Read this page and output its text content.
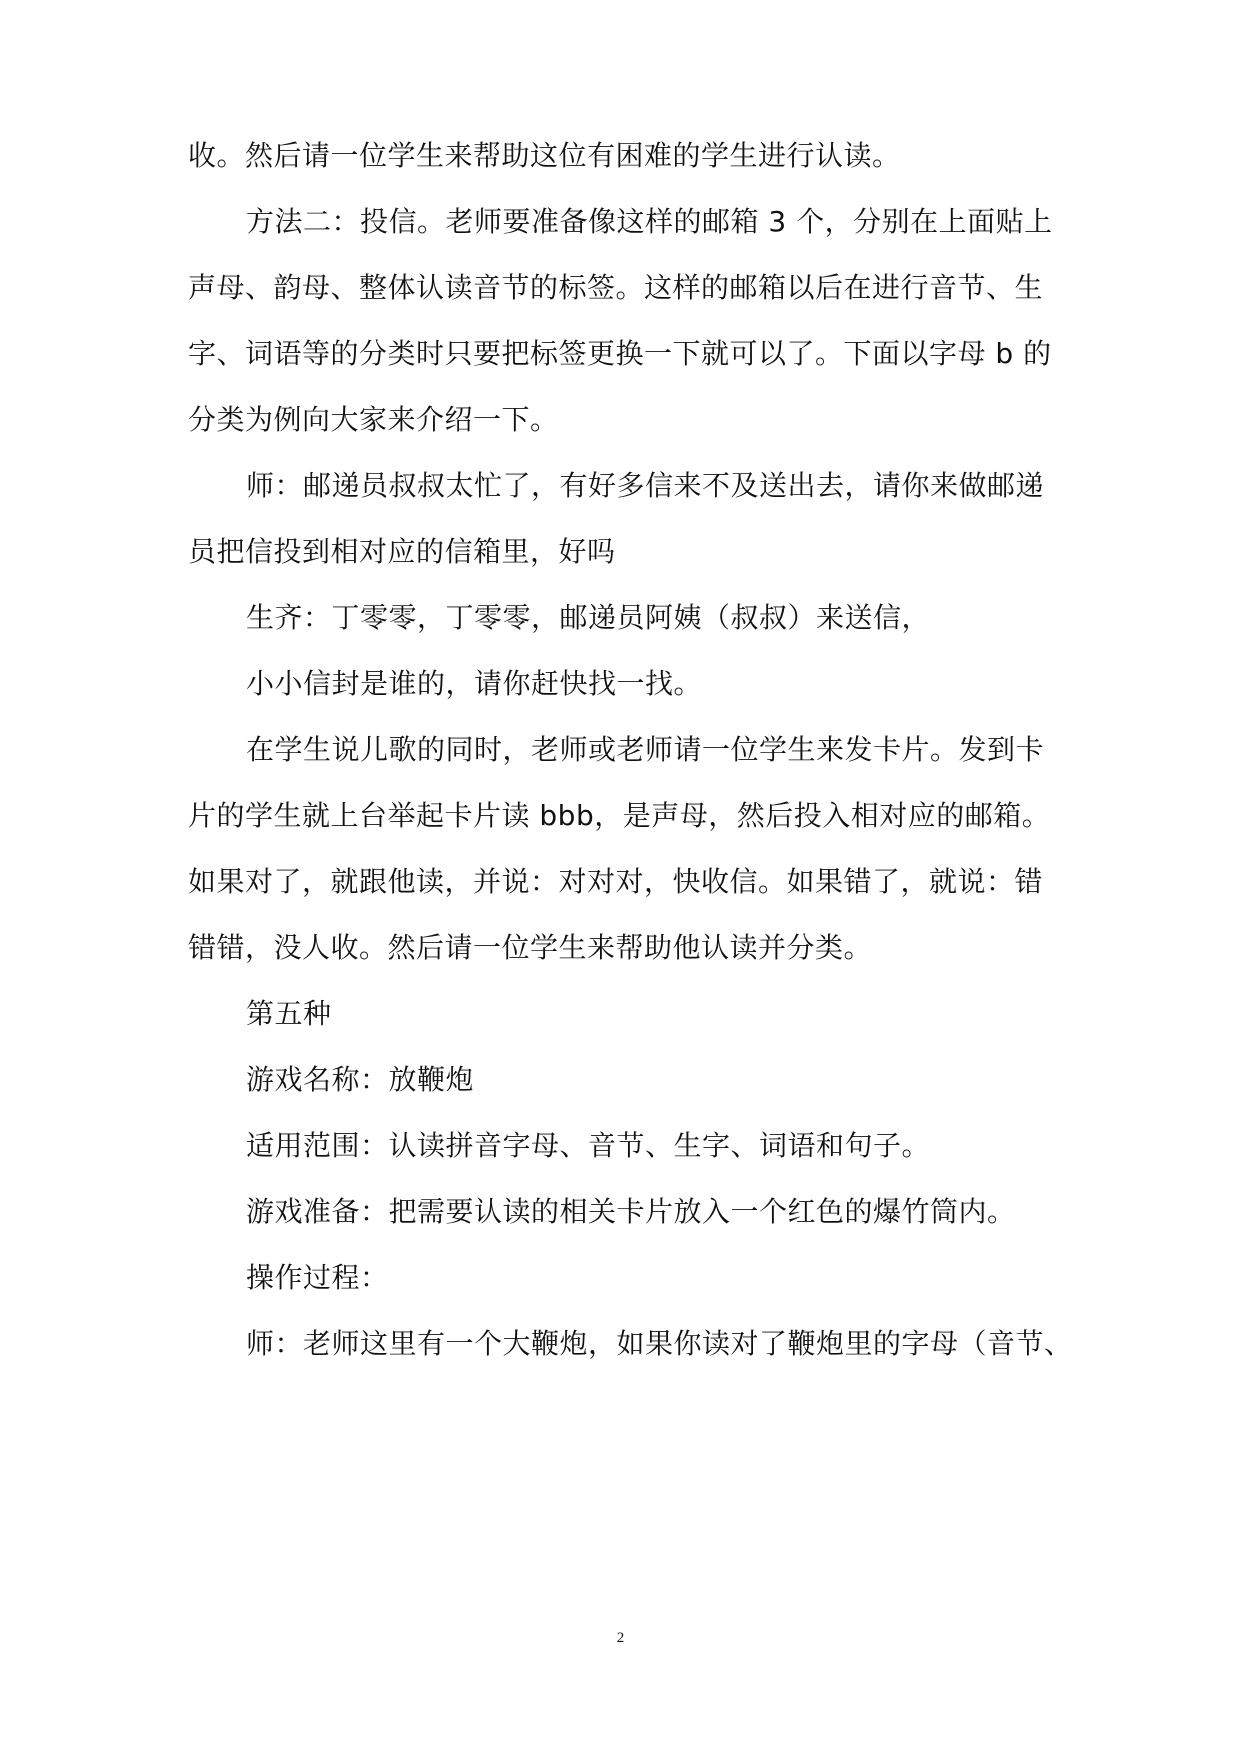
收。然后请一位学生来帮助这位有困难的学生进行认读。
方法二：投信。老师要准备像这样的邮箱 3 个，分别在上面贴上
声母、韵母、整体认读音节的标签。这样的邮箱以后在进行音节、生
字、词语等的分类时只要把标签更换一下就可以了。下面以字母 b 的
分类为例向大家来介绍一下。
师：邮递员叔叔太忙了，有好多信来不及送出去，请你来做邮递
员把信投到相对应的信箱里，好吗
生齐：丁零零，丁零零，邮递员阿姨（叔叔）来送信，
小小信封是谁的，请你赶快找一找。
在学生说儿歌的同时，老师或老师请一位学生来发卡片。发到卡
片的学生就上台举起卡片读 bbb，是声母，然后投入相对应的邮箱。
如果对了，就跟他读，并说：对对对，快收信。如果错了，就说：错
错错，没人收。然后请一位学生来帮助他认读并分类。
第五种
游戏名称：放鞭炮
适用范围：认读拼音字母、音节、生字、词语和句子。
游戏准备：把需要认读的相关卡片放入一个红色的爆竹筒内。
操作过程：
师：老师这里有一个大鞭炮，如果你读对了鞭炮里的字母（音节、
2
